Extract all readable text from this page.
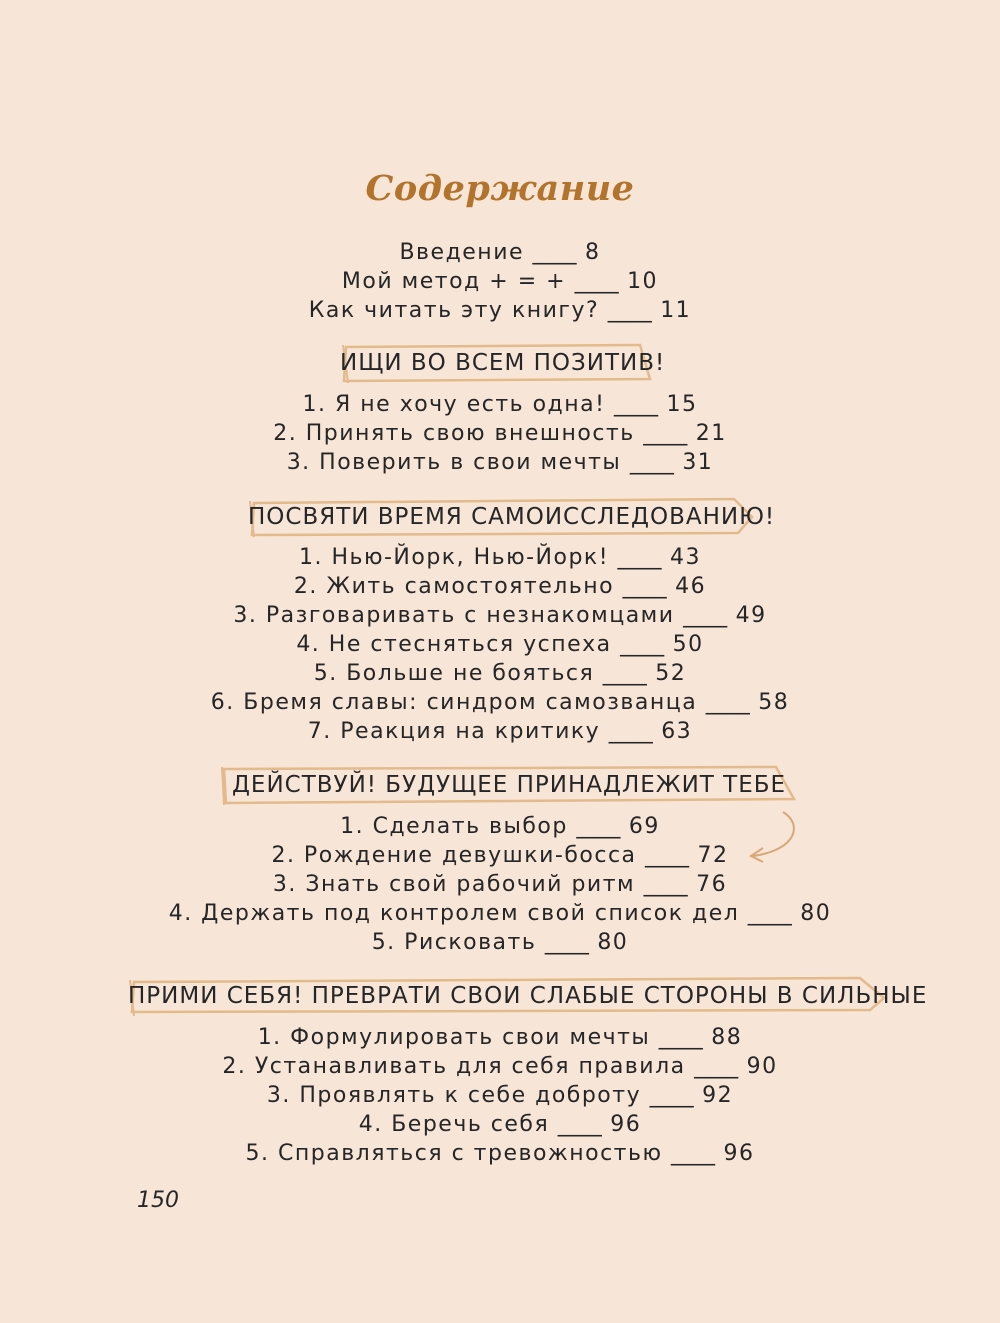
Содержание
Введение ____ 8
Мой метод + = + ____ 10
Как читать эту книгу? ____ 11
ИЩИ ВО ВСЕМ ПОЗИТИВ!
1. Я не хочу есть одна! ____ 15
2. Принять свою внешность ____ 21
3. Поверить в свои мечты ____ 31
ПОСВЯТИ ВРЕМЯ САМОИССЛЕДОВАНИЮ!
1. Нью-Йорк, Нью-Йорк! ____ 43
2. Жить самостоятельно ____ 46
3. Разговаривать с незнакомцами ____ 49
4. Не стесняться успеха ____ 50
5. Больше не бояться ____ 52
6. Бремя славы: синдром самозванца ____ 58
7. Реакция на критику ____ 63
ДЕЙСТВУЙ! БУДУЩЕЕ ПРИНАДЛЕЖИТ ТЕБЕ
1. Сделать выбор ____ 69
2. Рождение девушки-босса ____ 72
3. Знать свой рабочий ритм ____ 76
4. Держать под контролем свой список дел ____ 80
5. Рисковать ____ 80
ПРИМИ СЕБЯ! ПРЕВРАТИ СВОИ СЛАБЫЕ СТОРОНЫ В СИЛЬНЫЕ
1. Формулировать свои мечты ____ 88
2. Устанавливать для себя правила ____ 90
3. Проявлять к себе доброту ____ 92
4. Беречь себя ____ 96
5. Справляться с тревожностью ____ 96
150
